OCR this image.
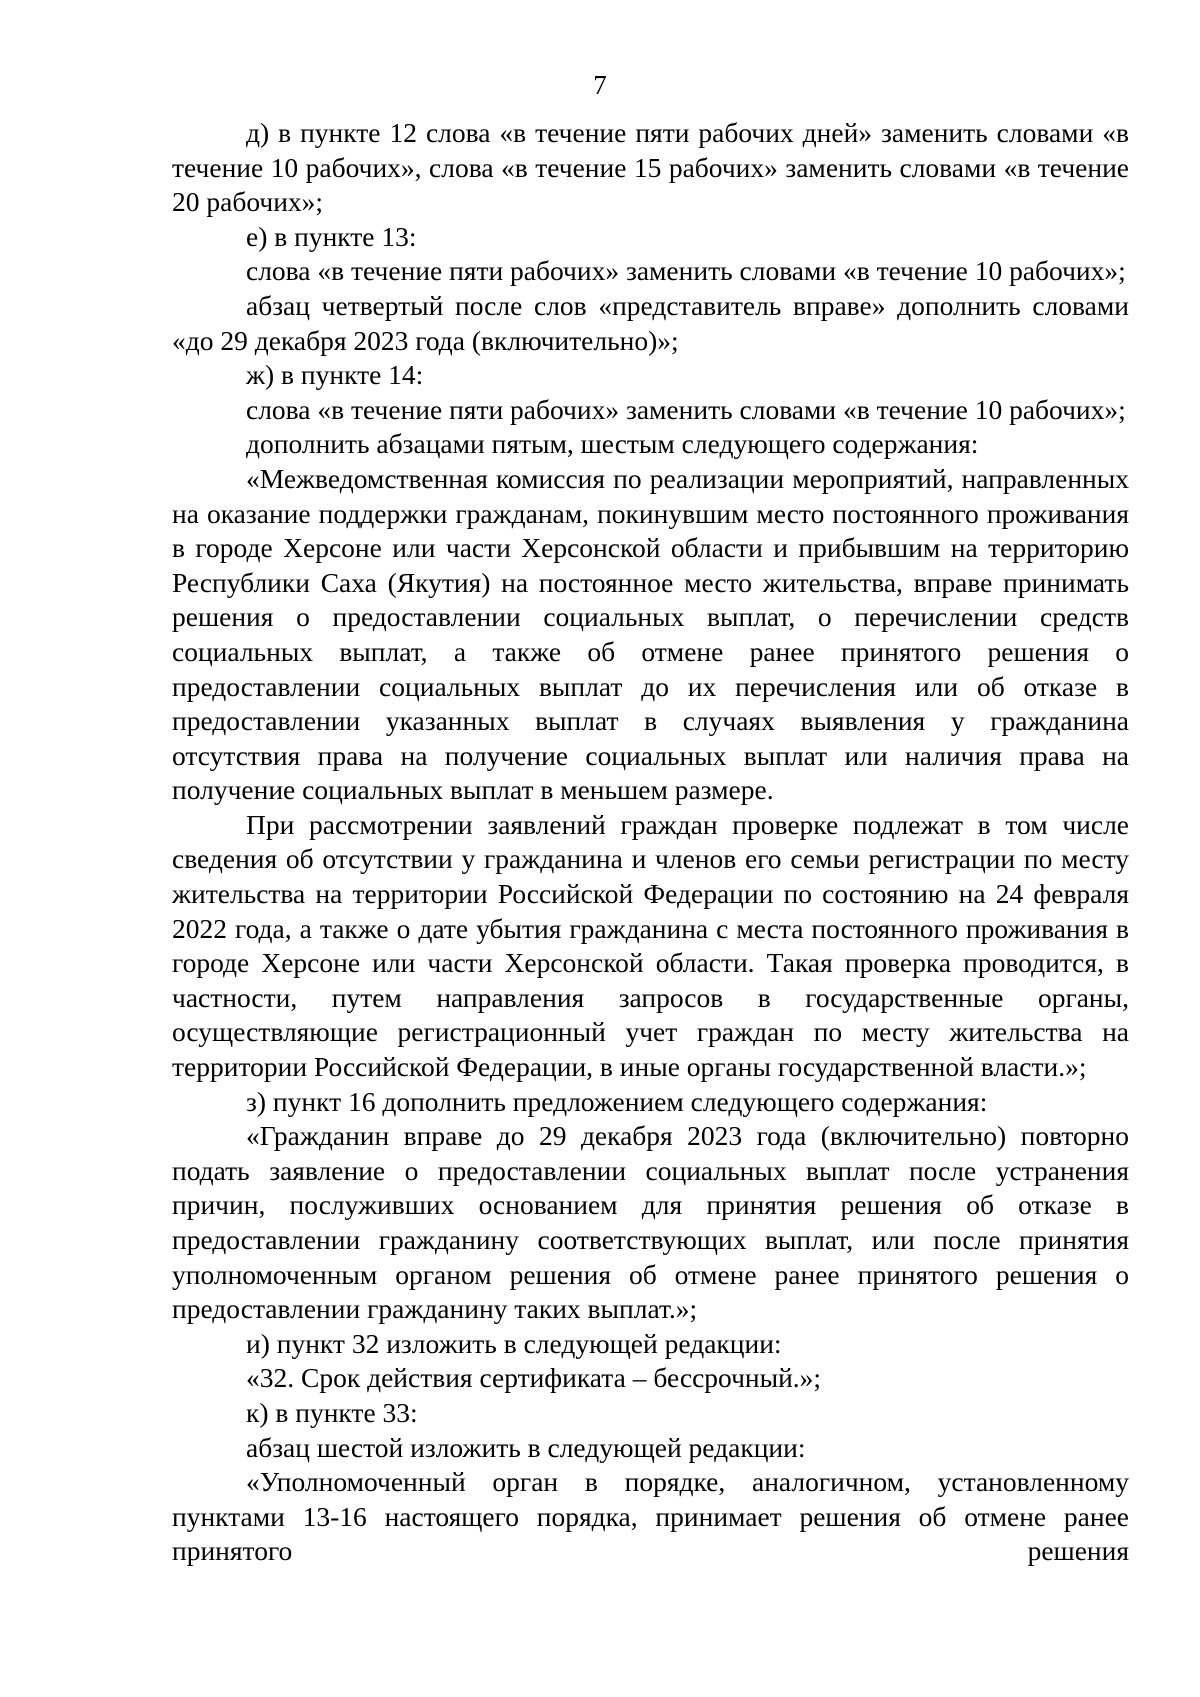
7

д) в пункте 12 слова «в течение пяти рабочих дней» заменить словами «в течение 10 рабочих», слова «в течение 15 рабочих» заменить словами «в течение 20 рабочих»;

е) в пункте 13:

слова «в течение пяти рабочих» заменить словами «в течение 10 рабочих»;

абзац четвертый после слов «представитель вправе» дополнить словами «до 29 декабря 2023 года (включительно)»;

ж) в пункте 14:

слова «в течение пяти рабочих» заменить словами «в течение 10 рабочих»;

дополнить абзацами пятым, шестым следующего содержания:

«Межведомственная комиссия по реализации мероприятий, направленных на оказание поддержки гражданам, покинувшим место постоянного проживания в городе Херсоне или части Херсонской области и прибывшим на территорию Республики Саха (Якутия) на постоянное место жительства, вправе принимать решения о предоставлении социальных выплат, о перечислении средств социальных выплат, а также об отмене ранее принятого решения о предоставлении социальных выплат до их перечисления или об отказе в предоставлении указанных выплат в случаях выявления у гражданина отсутствия права на получение социальных выплат или наличия права на получение социальных выплат в меньшем размере.

При рассмотрении заявлений граждан проверке подлежат в том числе сведения об отсутствии у гражданина и членов его семьи регистрации по месту жительства на территории Российской Федерации по состоянию на 24 февраля 2022 года, а также о дате убытия гражданина с места постоянного проживания в городе Херсоне или части Херсонской области. Такая проверка проводится, в частности, путем направления запросов в государственные органы, осуществляющие регистрационный учет граждан по месту жительства на территории Российской Федерации, в иные органы государственной власти.»;

з) пункт 16 дополнить предложением следующего содержания:

«Гражданин вправе до 29 декабря 2023 года (включительно) повторно подать заявление о предоставлении социальных выплат после устранения причин, послуживших основанием для принятия решения об отказе в предоставлении гражданину соответствующих выплат, или после принятия уполномоченным органом решения об отмене ранее принятого решения о предоставлении гражданину таких выплат.»;

и) пункт 32 изложить в следующей редакции:

«32. Срок действия сертификата – бессрочный.»;

к) в пункте 33:

абзац шестой изложить в следующей редакции:

«Уполномоченный орган в порядке, аналогичном, установленному пунктами 13-16 настоящего порядка, принимает решения об отмене ранее принятого решения
